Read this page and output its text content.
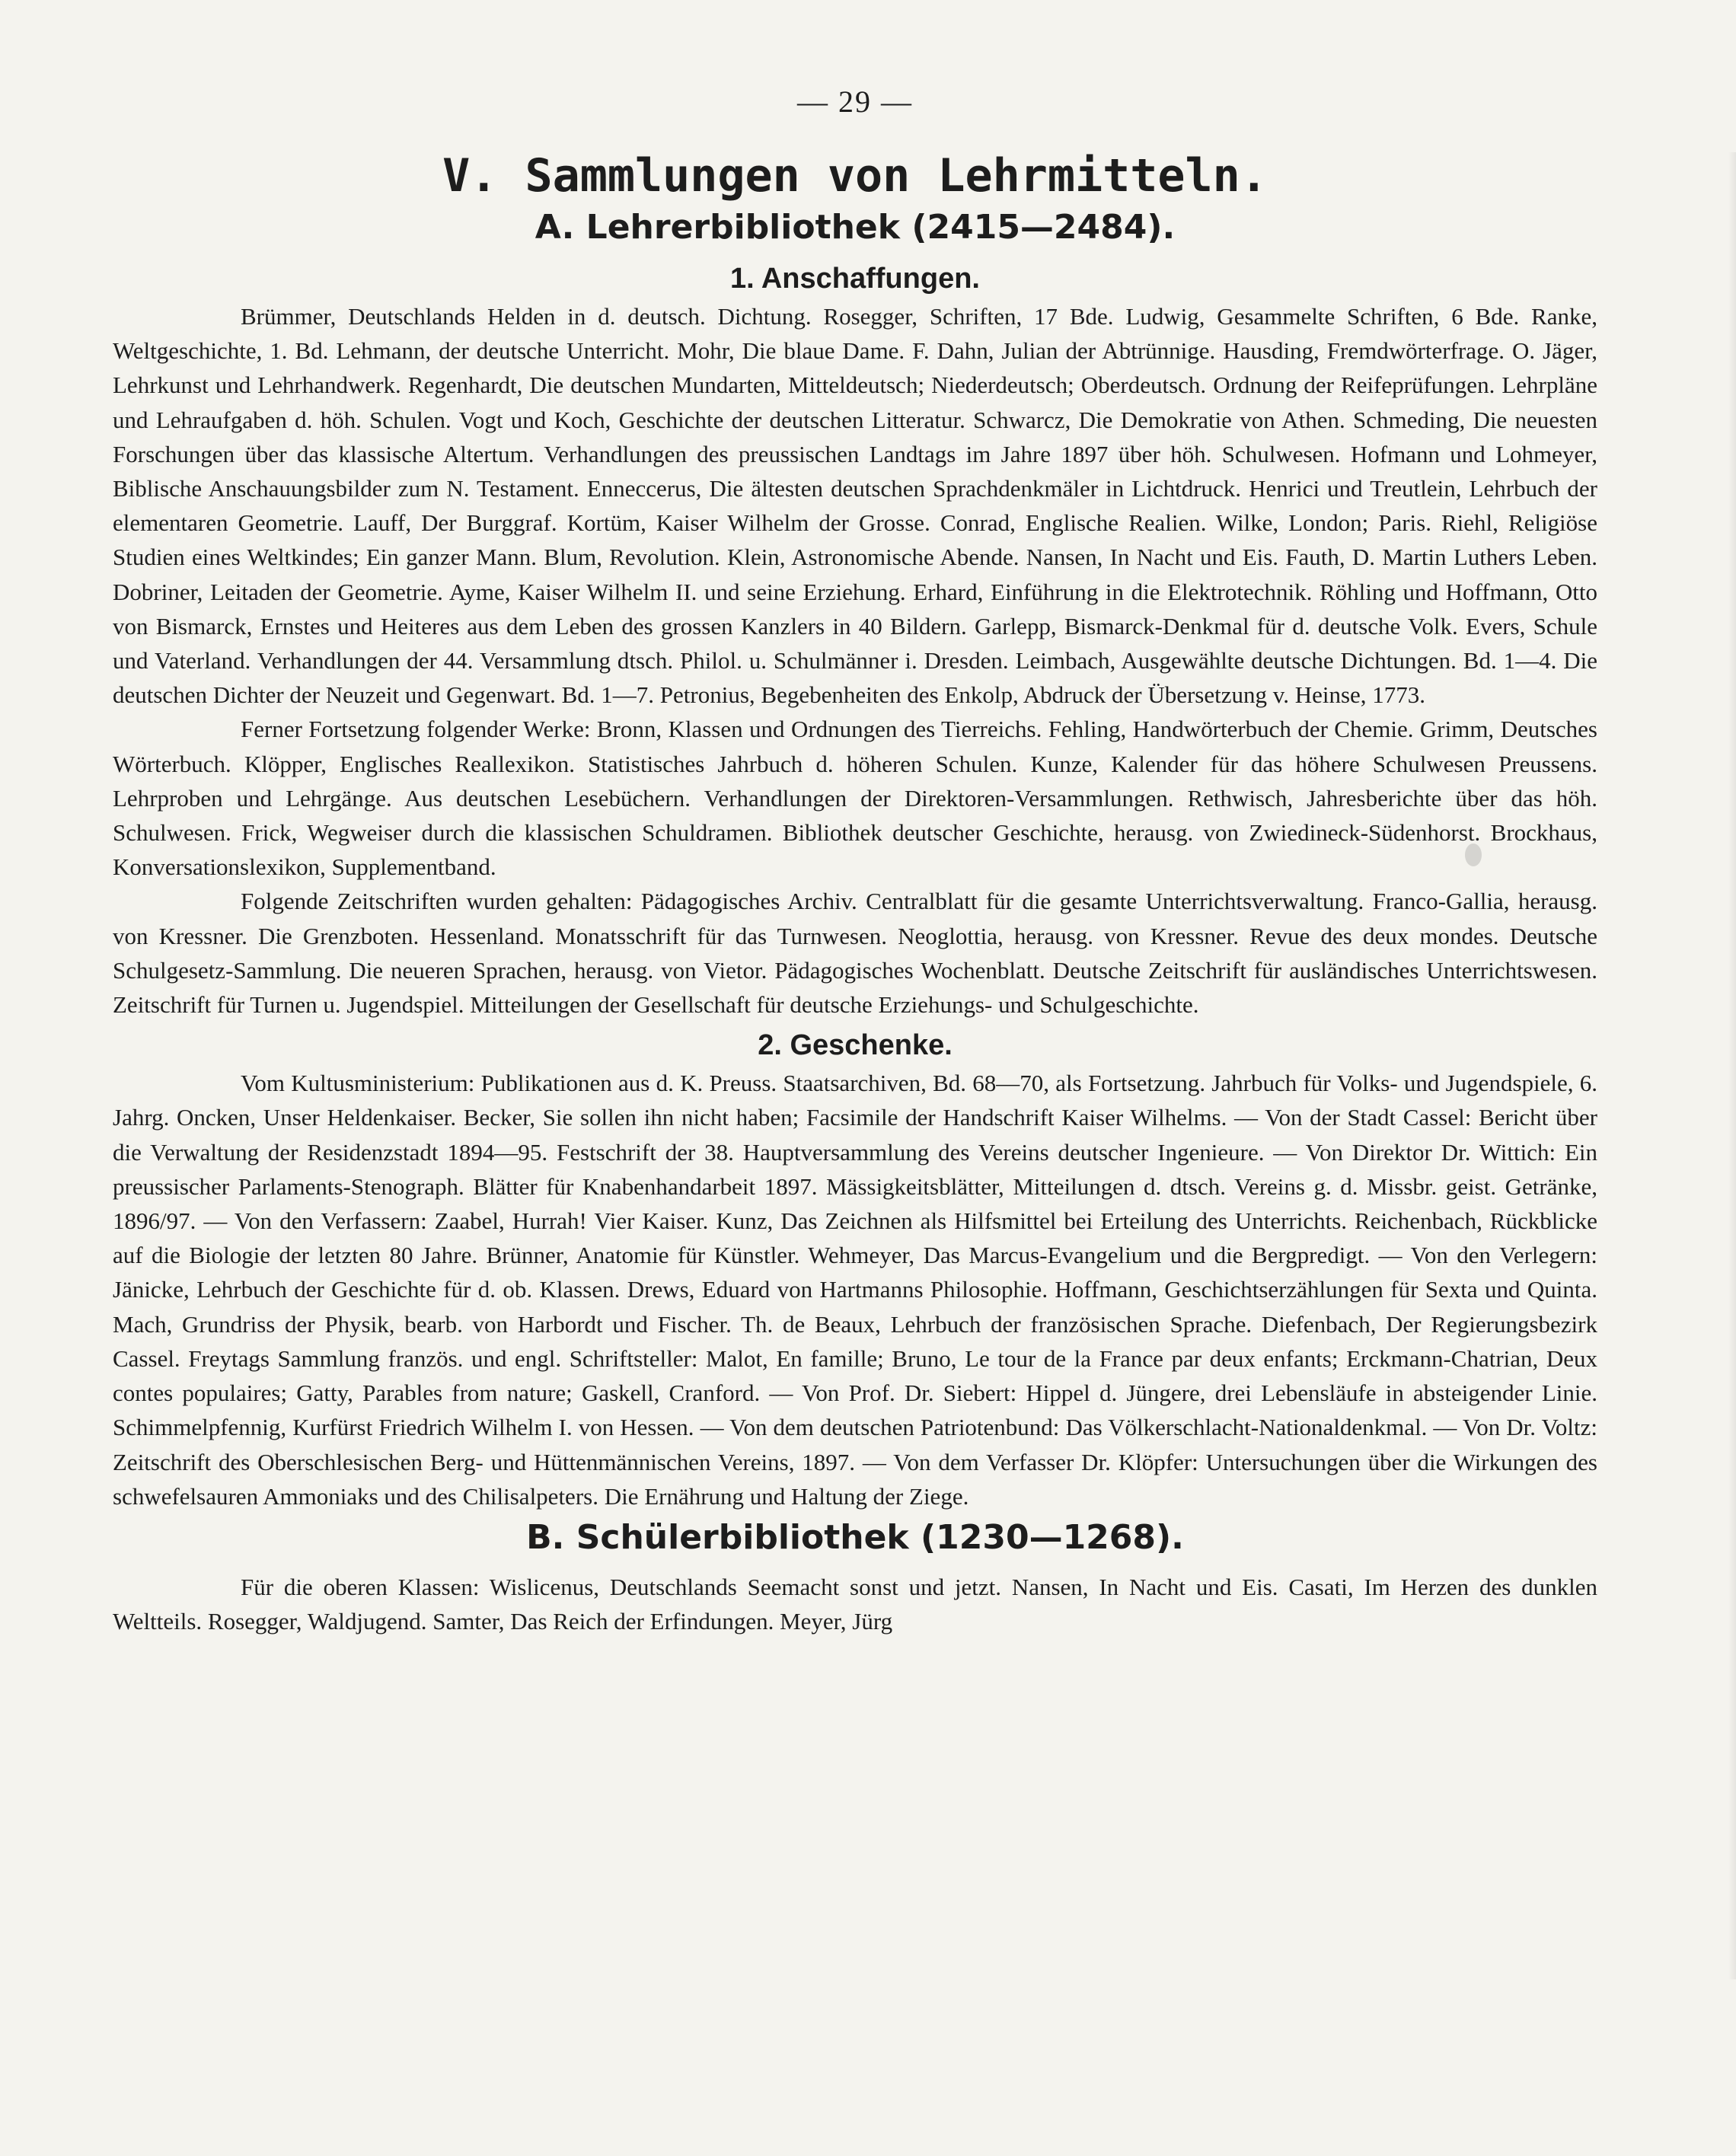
— 29 —
V. Sammlungen von Lehrmitteln.
A. Lehrerbibliothek (2415—2484).
1. Anschaffungen.

Brümmer, Deutschlands Helden in d. deutsch. Dichtung. Rosegger, Schriften, 17 Bde. Ludwig, Gesammelte Schriften, 6 Bde. Ranke, Weltgeschichte, 1. Bd. Lehmann, der deutsche Unterricht. Mohr, Die blaue Dame. F. Dahn, Julian der Abtrünnige. Hausding, Fremdwörterfrage. O. Jäger, Lehrkunst und Lehrhandwerk. Regenhardt, Die deutschen Mundarten, Mitteldeutsch; Niederdeutsch; Oberdeutsch. Ordnung der Reifeprüfungen. Lehrpläne und Lehraufgaben d. höh. Schulen. Vogt und Koch, Geschichte der deutschen Litteratur. Schwarcz, Die Demokratie von Athen. Schmeding, Die neuesten Forschungen über das klassische Altertum. Verhandlungen des preussischen Landtags im Jahre 1897 über höh. Schulwesen. Hofmann und Lohmeyer, Biblische Anschauungsbilder zum N. Testament. Enneccerus, Die ältesten deutschen Sprachdenkmäler in Lichtdruck. Henrici und Treutlein, Lehrbuch der elementaren Geometrie. Lauff, Der Burggraf. Kortüm, Kaiser Wilhelm der Grosse. Conrad, Englische Realien. Wilke, London; Paris. Riehl, Religiöse Studien eines Weltkindes; Ein ganzer Mann. Blum, Revolution. Klein, Astronomische Abende. Nansen, In Nacht und Eis. Fauth, D. Martin Luthers Leben. Dobriner, Leitaden der Geometrie. Ayme, Kaiser Wilhelm II. und seine Erziehung. Erhard, Einführung in die Elektrotechnik. Röhling und Hoffmann, Otto von Bismarck, Ernstes und Heiteres aus dem Leben des grossen Kanzlers in 40 Bildern. Garlepp, Bismarck-Denkmal für d. deutsche Volk. Evers, Schule und Vaterland. Verhandlungen der 44. Versammlung dtsch. Philol. u. Schulmänner i. Dresden. Leimbach, Ausgewählte deutsche Dichtungen. Bd. 1—4. Die deutschen Dichter der Neuzeit und Gegenwart. Bd. 1—7. Petronius, Begebenheiten des Enkolp, Abdruck der Übersetzung v. Heinse, 1773.

Ferner Fortsetzung folgender Werke: Bronn, Klassen und Ordnungen des Tierreichs. Fehling, Handwörterbuch der Chemie. Grimm, Deutsches Wörterbuch. Klöpper, Englisches Reallexikon. Statistisches Jahrbuch d. höheren Schulen. Kunze, Kalender für das höhere Schulwesen Preussens. Lehrproben und Lehrgänge. Aus deutschen Lesebüchern. Verhandlungen der Direktoren-Versammlungen. Rethwisch, Jahresberichte über das höh. Schulwesen. Frick, Wegweiser durch die klassischen Schuldramen. Bibliothek deutscher Geschichte, herausg. von Zwiedineck-Südenhorst. Brockhaus, Konversationslexikon, Supplementband.

Folgende Zeitschriften wurden gehalten: Pädagogisches Archiv. Centralblatt für die gesamte Unterrichtsverwaltung. Franco-Gallia, herausg. von Kressner. Die Grenzboten. Hessenland. Monatsschrift für das Turnwesen. Neoglottia, herausg. von Kressner. Revue des deux mondes. Deutsche Schulgesetz-Sammlung. Die neueren Sprachen, herausg. von Vietor. Pädagogisches Wochenblatt. Deutsche Zeitschrift für ausländisches Unterrichtswesen. Zeitschrift für Turnen u. Jugendspiel. Mitteilungen der Gesellschaft für deutsche Erziehungs- und Schulgeschichte.

2. Geschenke.

Vom Kultusministerium: Publikationen aus d. K. Preuss. Staatsarchiven, Bd. 68—70, als Fortsetzung. Jahrbuch für Volks- und Jugendspiele, 6. Jahrg. Oncken, Unser Heldenkaiser. Becker, Sie sollen ihn nicht haben; Facsimile der Handschrift Kaiser Wilhelms. — Von der Stadt Cassel: Bericht über die Verwaltung der Residenzstadt 1894—95. Festschrift der 38. Hauptversammlung des Vereins deutscher Ingenieure. — Von Direktor Dr. Wittich: Ein preussischer Parlaments-Stenograph. Blätter für Knabenhandarbeit 1897. Mässigkeitsblätter, Mitteilungen d. dtsch. Vereins g. d. Missbr. geist. Getränke, 1896/97. — Von den Verfassern: Zaabel, Hurrah! Vier Kaiser. Kunz, Das Zeichnen als Hilfsmittel bei Erteilung des Unterrichts. Reichenbach, Rückblicke auf die Biologie der letzten 80 Jahre. Brünner, Anatomie für Künstler. Wehmeyer, Das Marcus-Evangelium und die Bergpredigt. — Von den Verlegern: Jänicke, Lehrbuch der Geschichte für d. ob. Klassen. Drews, Eduard von Hartmanns Philosophie. Hoffmann, Geschichtserzählungen für Sexta und Quinta. Mach, Grundriss der Physik, bearb. von Harbordt und Fischer. Th. de Beaux, Lehrbuch der französischen Sprache. Diefenbach, Der Regierungsbezirk Cassel. Freytags Sammlung französ. und engl. Schriftsteller: Malot, En famille; Bruno, Le tour de la France par deux enfants; Erckmann-Chatrian, Deux contes populaires; Gatty, Parables from nature; Gaskell, Cranford. — Von Prof. Dr. Siebert: Hippel d. Jüngere, drei Lebensläufe in absteigender Linie. Schimmelpfennig, Kurfürst Friedrich Wilhelm I. von Hessen. — Von dem deutschen Patriotenbund: Das Völkerschlacht-Nationaldenkmal. — Von Dr. Voltz: Zeitschrift des Oberschlesischen Berg- und Hüttenmännischen Vereins, 1897. — Von dem Verfasser Dr. Klöpfer: Untersuchungen über die Wirkungen des schwefelsauren Ammoniaks und des Chilisalpeters. Die Ernährung und Haltung der Ziege.

B. Schülerbibliothek (1230—1268).

Für die oberen Klassen: Wislicenus, Deutschlands Seemacht sonst und jetzt. Nansen, In Nacht und Eis. Casati, Im Herzen des dunklen Weltteils. Rosegger, Waldjugend. Samter, Das Reich der Erfindungen. Meyer, Jürg
